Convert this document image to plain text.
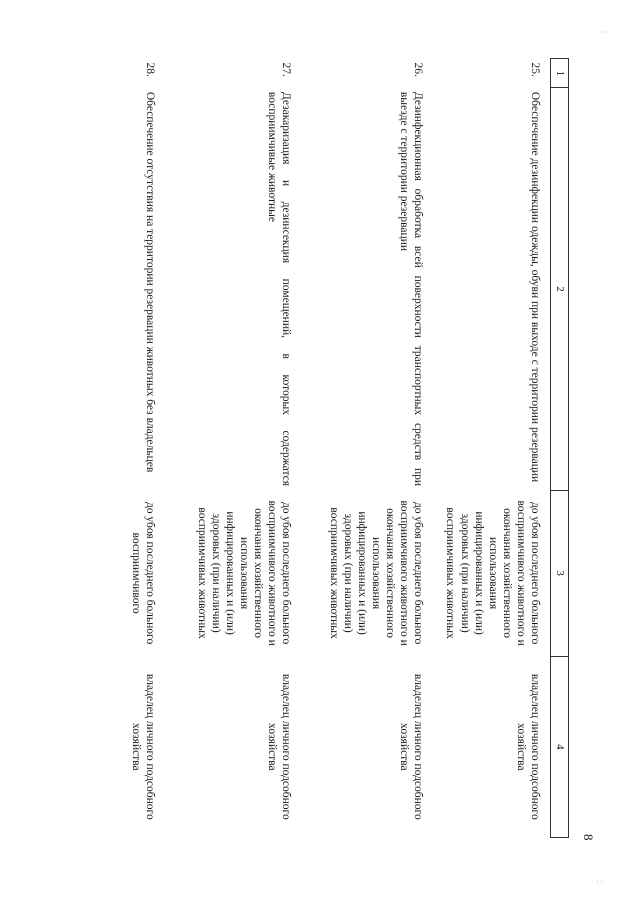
8
1	2	3	4
25.	Обеспечение дезинфекции одежды, обуви при выходе с территории резервации	до убоя последнего больного восприимчивого животного и окончания хозяйственного использования инфицированных и (или) здоровых (при наличии) восприимчивых животных	владелец личного подсобного хозяйства
26.	Дезинфекционная обработка всей поверхности транспортных средств при выезде с территории резервации	до убоя последнего больного восприимчивого животного и окончания хозяйственного использования инфицированных и (или) здоровых (при наличии) восприимчивых животных	владелец личного подсобного хозяйства
27.	Дезакаризация и дезинсекция помещений, в которых содержатся восприимчивые животные	до убоя последнего больного восприимчивого животного и окончания хозяйственного использования инфицированных и (или) здоровых (при наличии) восприимчивых животных	владелец личного подсобного хозяйства
28.	Обеспечение отсутствия на территории резервации животных без владельцев	до убоя последнего больного восприимчивого	владелец личного подсобного хозяйства
· ·
· ·
